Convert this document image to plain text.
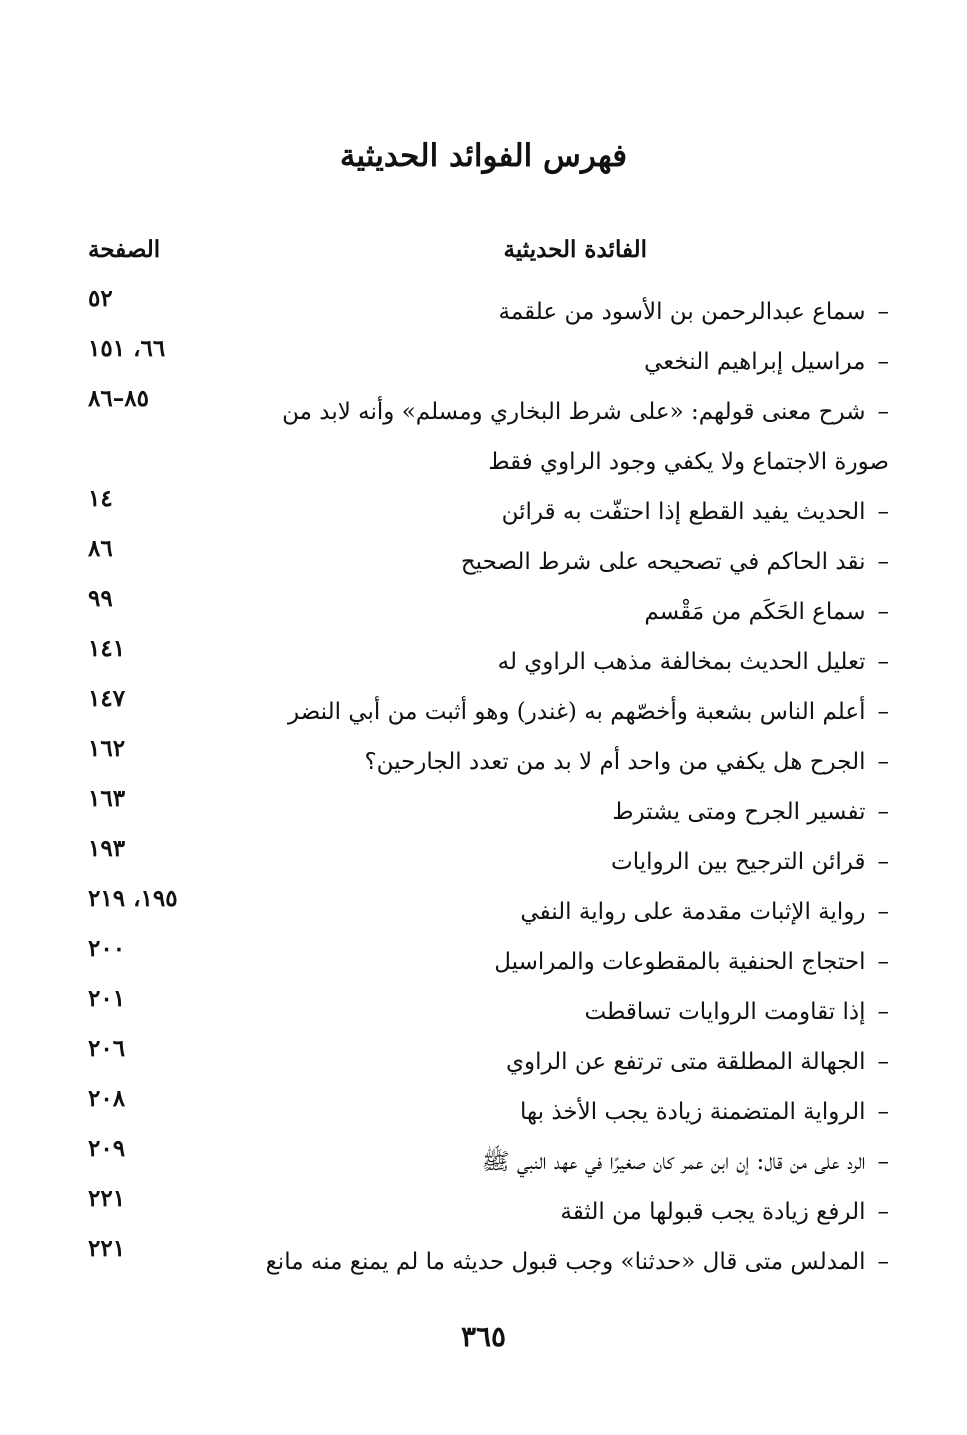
فهرس الفوائد الحديثية
الفائدة الحديثية
الصفحة

–سماع عبدالرحمن بن الأسود من علقمة

٥٢

–مراسيل إبراهيم النخعي

٦٦، ١٥١

–شرح معنى قولهم: «على شرط البخاري ومسلم» وأنه لابد من صورة الاجتماع ولا يكفي وجود الراوي فقط

٨٥–٨٦

–الحديث يفيد القطع إذا احتفّت به قرائن

١٤

–نقد الحاكم في تصحيحه على شرط الصحيح

٨٦

–سماع الحَكَم من مَقْسم

٩٩

–تعليل الحديث بمخالفة مذهب الراوي له

١٤١

–أعلم الناس بشعبة وأخصّهم به (غندر) وهو أثبت من أبي النضر

١٤٧

–الجرح هل يكفي من واحد أم لا بد من تعدد الجارحين؟

١٦٢

–تفسير الجرح ومتى يشترط

١٦٣

–قرائن الترجيح بين الروايات

١٩٣

–رواية الإثبات مقدمة على رواية النفي

١٩٥، ٢١٩

–احتجاج الحنفية بالمقطوعات والمراسيل

٢٠٠

–إذا تقاومت الروايات تساقطت

٢٠١

–الجهالة المطلقة متى ترتفع عن الراوي

٢٠٦

–الرواية المتضمنة زيادة يجب الأخذ بها

٢٠٨

–الرد على من قال: إن ابن عمر كان صغيرًا في عهد النبي ﷺ

٢٠٩

–الرفع زيادة يجب قبولها من الثقة

٢٢١

–المدلس متى قال «حدثنا» وجب قبول حديثه ما لم يمنع منه مانع

٢٢١
٣٦٥
